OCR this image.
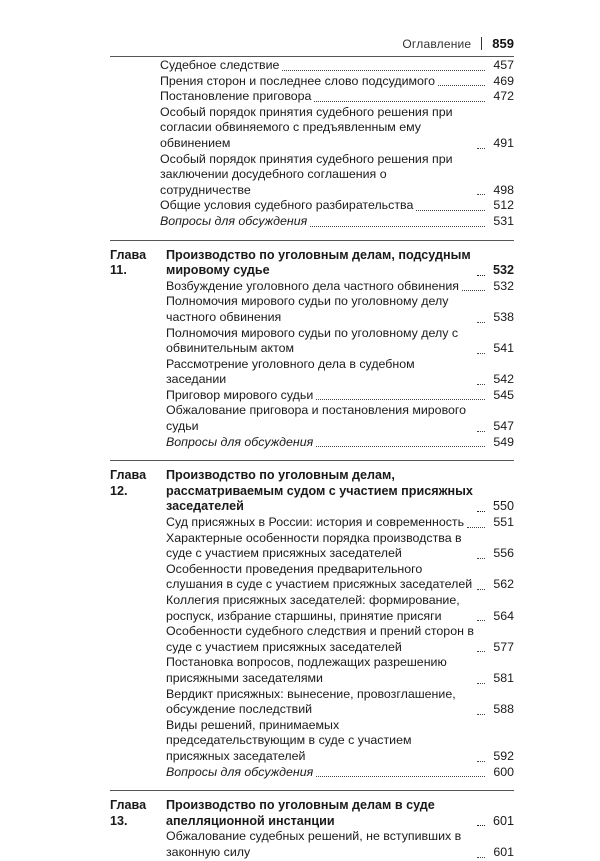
Оглавление 859
Судебное следствие	457
Прения сторон и последнее слово подсудимого	469
Постановление приговора	472
Особый порядок принятия судебного решения при согласии обвиняемого с предъявленным ему обвинением	491
Особый порядок принятия судебного решения при заключении досудебного соглашения о сотрудничестве	498
Общие условия судебного разбирательства	512
Вопросы для обсуждения	531
Глава 11.
Производство по уголовным делам, подсудным мировому судье	532
Возбуждение уголовного дела частного обвинения	532
Полномочия мирового судьи по уголовному делу частного обвинения	538
Полномочия мирового судьи по уголовному делу с обвинительным актом	541
Рассмотрение уголовного дела в судебном заседании	542
Приговор мирового судьи	545
Обжалование приговора и постановления мирового судьи	547
Вопросы для обсуждения	549
Глава 12.
Производство по уголовным делам, рассматриваемым судом с участием присяжных заседателей	550
Суд присяжных в России: история и современность	551
Характерные особенности порядка производства в суде с участием присяжных заседателей	556
Особенности проведения предварительного слушания в суде с участием присяжных заседателей	562
Коллегия присяжных заседателей: формирование, роспуск, избрание старшины, принятие присяги	564
Особенности судебного следствия и прений сторон в суде с участием присяжных заседателей	577
Постановка вопросов, подлежащих разрешению присяжными заседателями	581
Вердикт присяжных: вынесение, провозглашение, обсуждение последствий	588
Виды решений, принимаемых председательствующим в суде с участием присяжных заседателей	592
Вопросы для обсуждения	600
Глава 13.
Производство по уголовным делам в суде апелляционной инстанции	601
Обжалование судебных решений, не вступивших в законную силу	601
